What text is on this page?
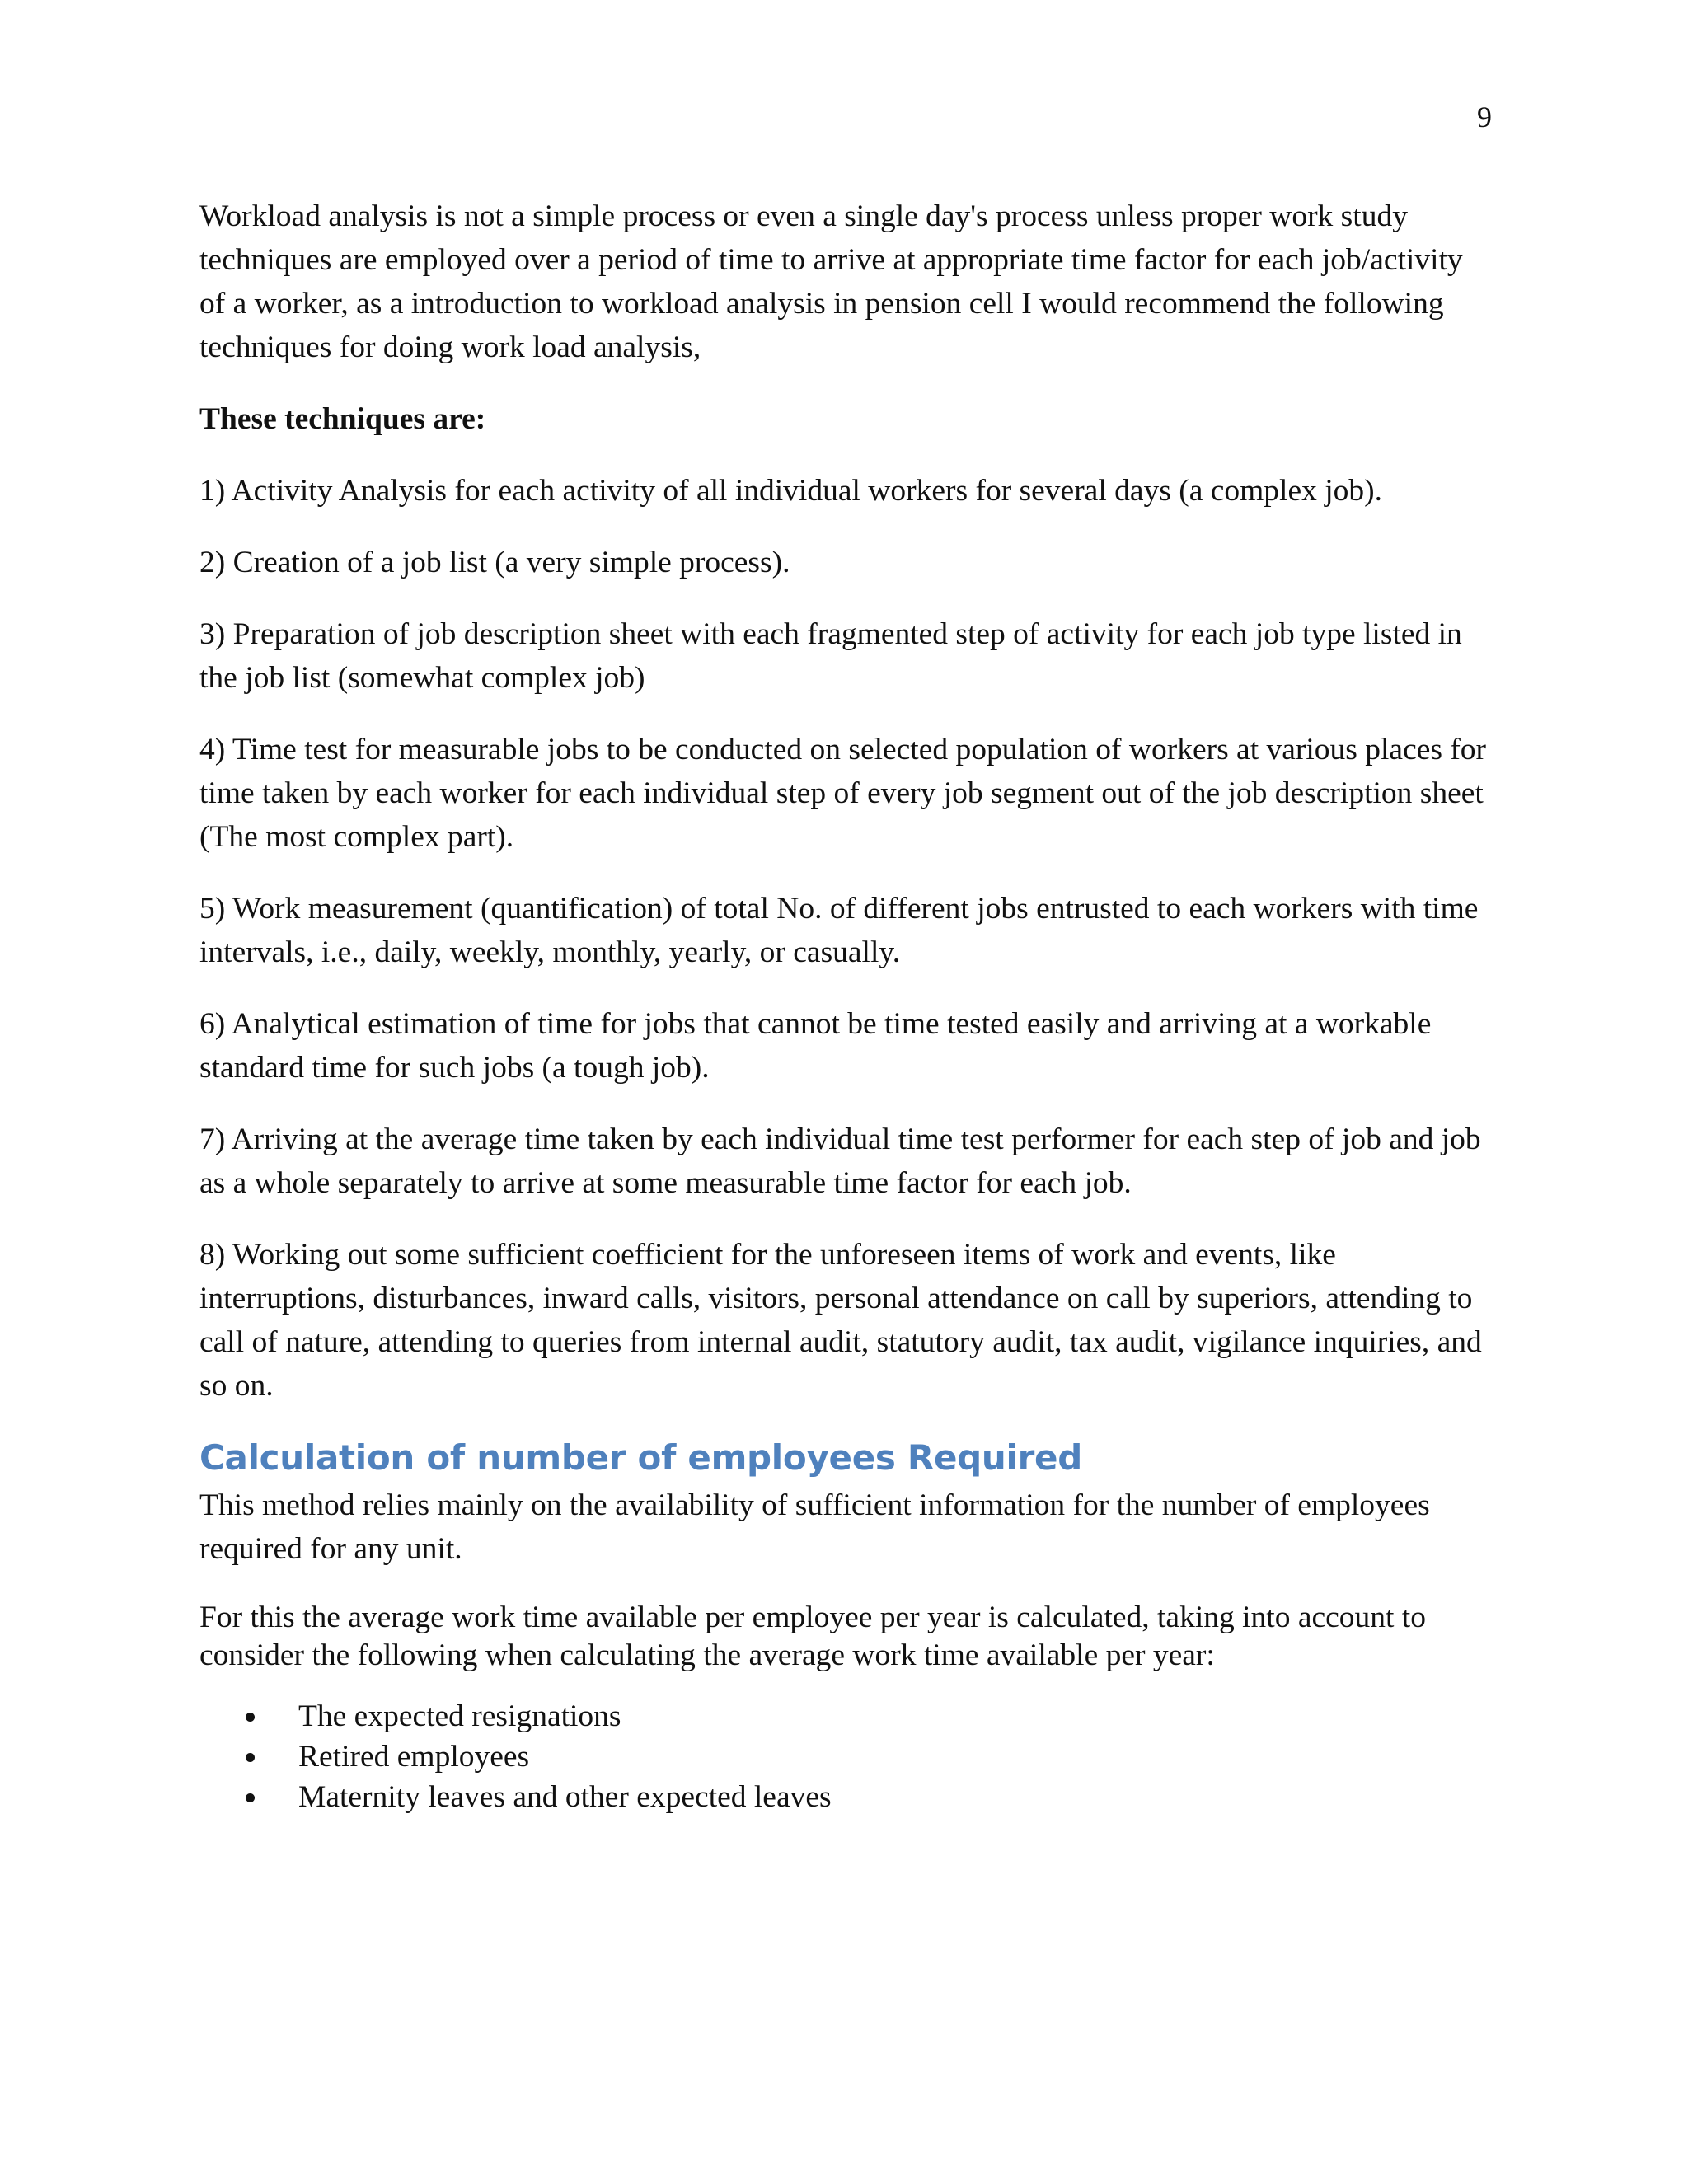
9

Workload analysis is not a simple process or even a single day's process unless proper work study techniques are employed over a period of time to arrive at appropriate time factor for each job/activity of a worker, as a introduction to workload analysis in pension cell I would recommend the following techniques for doing work load analysis,

These techniques are:

1) Activity Analysis for each activity of all individual workers for several days (a complex job).

2) Creation of a job list (a very simple process).

3) Preparation of job description sheet with each fragmented step of activity for each job type listed in the job list (somewhat complex job)

4) Time test for measurable jobs to be conducted on selected population of workers at various places for time taken by each worker for each individual step of every job segment out of the job description sheet (The most complex part).

5) Work measurement (quantification) of total No. of different jobs entrusted to each workers with time intervals, i.e., daily, weekly, monthly, yearly, or casually.

6) Analytical estimation of time for jobs that cannot be time tested easily and arriving at a workable standard time for such jobs (a tough job).

7) Arriving at the average time taken by each individual time test performer for each step of job and job as a whole separately to arrive at some measurable time factor for each job.

8) Working out some sufficient coefficient for the unforeseen items of work and events, like interruptions, disturbances, inward calls, visitors, personal attendance on call by superiors, attending to call of nature, attending to queries from internal audit, statutory audit, tax audit, vigilance inquiries, and so on.

Calculation of number of employees Required

This method relies mainly on the availability of sufficient information for the number of employees required for any unit.

For this the average work time available per employee per year is calculated, taking into account to consider the following when calculating the average work time available per year:

The expected resignations
Retired employees
Maternity leaves and other expected leaves
